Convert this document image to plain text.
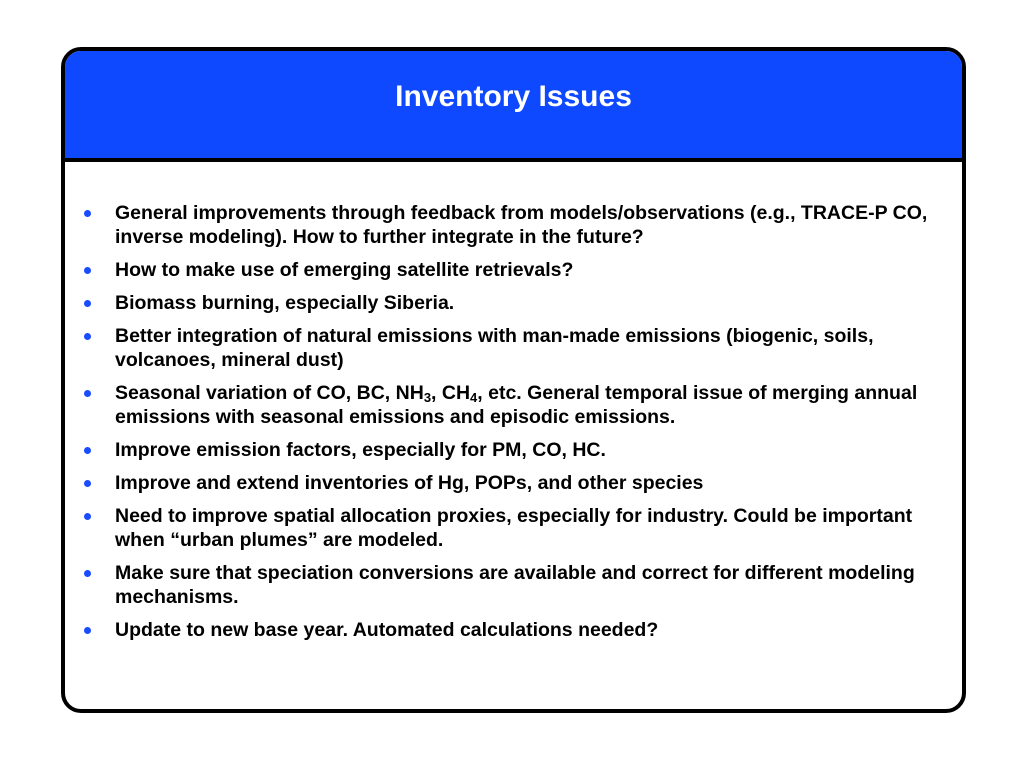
Inventory Issues
General improvements through feedback from models/observations (e.g., TRACE-P CO, inverse modeling). How to further integrate in the future?
How to make use of emerging satellite retrievals?
Biomass burning, especially Siberia.
Better integration of natural emissions with man-made emissions (biogenic, soils, volcanoes, mineral dust)
Seasonal variation of CO, BC, $NH_3$, $CH_4$, etc. General temporal issue of merging annual emissions with seasonal emissions and episodic emissions.
Improve emission factors, especially for PM, CO, HC.
Improve and extend inventories of Hg, POPs, and other species
Need to improve spatial allocation proxies, especially for industry. Could be important when “urban plumes” are modeled.
Make sure that speciation conversions are available and correct for different modeling mechanisms.
Update to new base year. Automated calculations needed?
